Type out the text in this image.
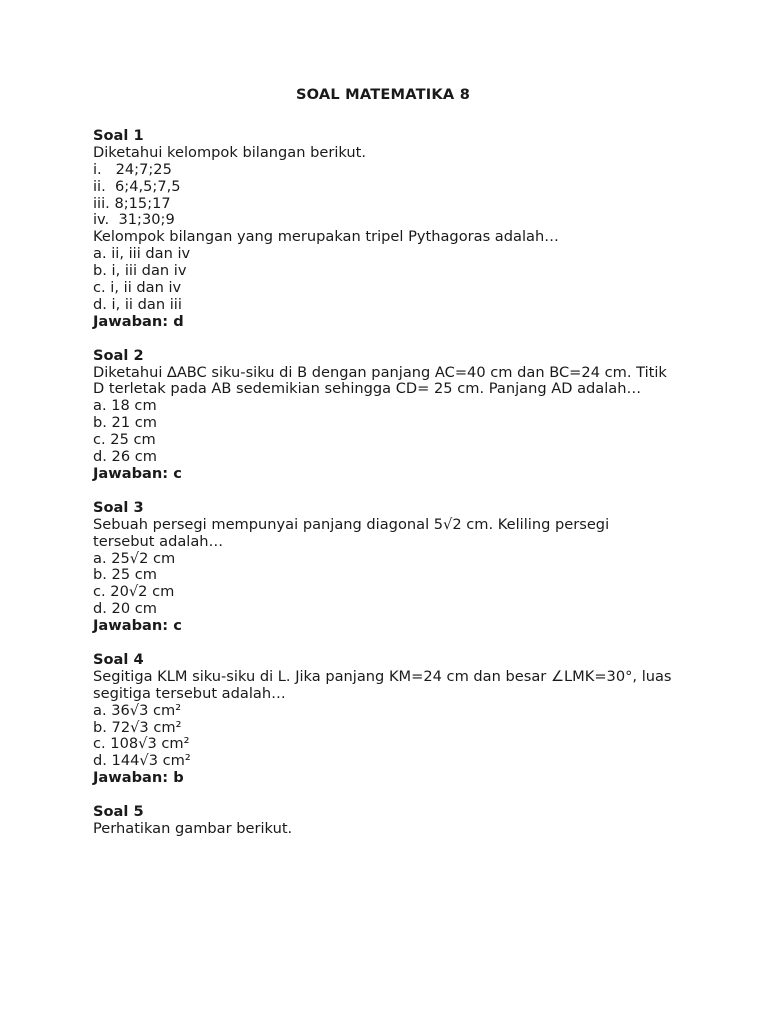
SOAL MATEMATIKA 8
Soal 1
Diketahui kelompok bilangan berikut.
i.   24;7;25
ii.  6;4,5;7,5
iii. 8;15;17
iv.  31;30;9
Kelompok bilangan yang merupakan tripel Pythagoras adalah…
a. ii, iii dan iv
b. i, iii dan iv
c. i, ii dan iv
d. i, ii dan iii
Jawaban: d
Soal 2
Diketahui ∆ABC siku-siku di B dengan panjang AC=40 cm dan BC=24 cm. Titik D terletak pada AB sedemikian sehingga CD= 25 cm. Panjang AD adalah…
a. 18 cm
b. 21 cm
c. 25 cm
d. 26 cm
Jawaban: c
Soal 3
Sebuah persegi mempunyai panjang diagonal 5√2 cm. Keliling persegi tersebut adalah…
a. 25√2 cm
b. 25 cm
c. 20√2 cm
d. 20 cm
Jawaban: c
Soal 4
Segitiga KLM siku-siku di L. Jika panjang KM=24 cm dan besar ∠LMK=30°, luas segitiga tersebut adalah…
a. 36√3 cm²
b. 72√3 cm²
c. 108√3 cm²
d. 144√3 cm²
Jawaban: b
Soal 5
Perhatikan gambar berikut.
